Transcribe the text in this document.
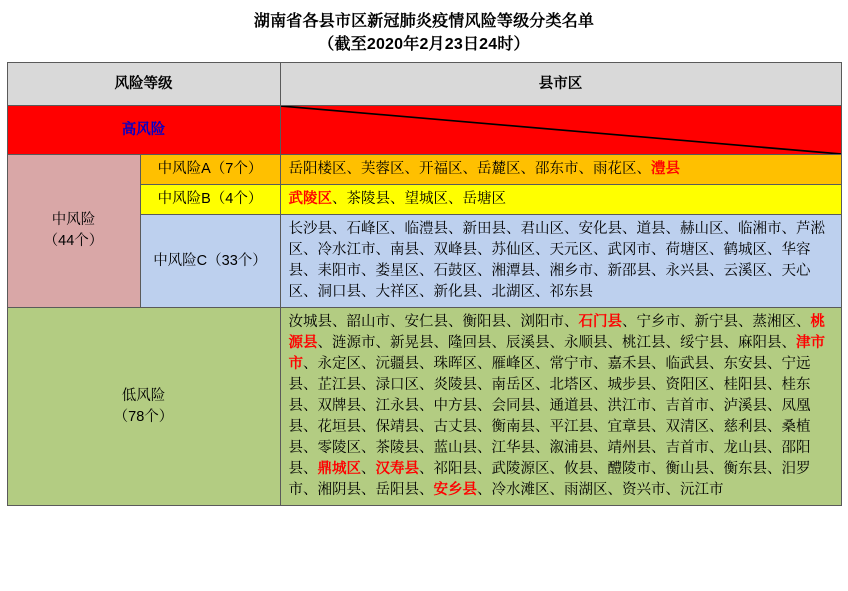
湖南省各县市区新冠肺炎疫情风险等级分类名单
（截至2020年2月23日24时）
风险等级		县市区
高风险	

中风险
（44个）	中风险A（7个）	岳阳楼区、芙蓉区、开福区、岳麓区、邵东市、雨花区、澧县
	中风险B（4个）	武陵区、茶陵县、望城区、岳塘区
	中风险C（33个）	长沙县、石峰区、临澧县、新田县、君山区、安化县、道县、赫山区、临湘市、芦淞区、冷水江市、南县、双峰县、苏仙区、天元区、武冈市、荷塘区、鹤城区、华容县、耒阳市、娄星区、石鼓区、湘潭县、湘乡市、新邵县、永兴县、云溪区、天心区、洞口县、大祥区、新化县、北湖区、祁东县

低风险
（78个）		汝城县、韶山市、安仁县、衡阳县、浏阳市、石门县、宁乡市、新宁县、蒸湘区、桃源县、涟源市、新晃县、隆回县、辰溪县、永顺县、桃江县、绥宁县、麻阳县、津市市、永定区、沅疆县、珠晖区、雁峰区、常宁市、嘉禾县、临武县、东安县、宁远县、芷江县、渌口区、炎陵县、南岳区、北塔区、城步县、资阳区、桂阳县、桂东县、双牌县、江永县、中方县、会同县、通道县、洪江市、吉首市、泸溪县、凤凰县、花垣县、保靖县、古丈县、衡南县、平江县、宜章县、双清区、慈利县、桑植县、零陵区、茶陵县、蓝山县、江华县、溆浦县、靖州县、吉首市、龙山县、邵阳县、鼎城区、汉寿县、祁阳县、武陵源区、攸县、醴陵市、衡山县、衡东县、汨罗市、湘阴县、岳阳县、安乡县、冷水滩区、雨湖区、资兴市、沅江市
